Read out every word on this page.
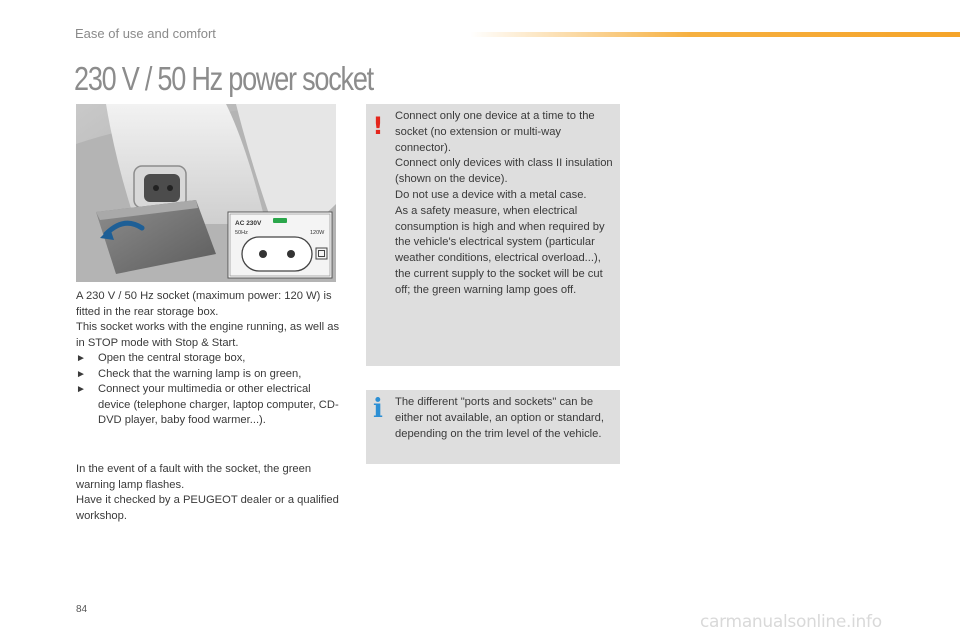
Ease of use and comfort
230 V / 50 Hz power socket
AC 230V
50Hz	120W

A 230 V / 50 Hz socket (maximum power: 120 W) is fitted in the rear storage box.

This socket works with the engine running, as well as in STOP mode with Stop & Start.

► Open the central storage box,
► Check that the warning lamp is on green,
► Connect your multimedia or other electrical device (telephone charger, laptop computer, CD-DVD player, baby food warmer...).

In the event of a fault with the socket, the green warning lamp flashes.

Have it checked by a PEUGEOT dealer or a qualified workshop.

!	Connect only one device at a time to the socket (no extension or multi-way connector).

Connect only devices with class II insulation (shown on the device).

Do not use a device with a metal case.

As a safety measure, when electrical consumption is high and when required by the vehicle's electrical system (particular weather conditions, electrical overload...), the current supply to the socket will be cut off; the green warning lamp goes off.

i	The different "ports and sockets" can be either not available, an option or standard, depending on the trim level of the vehicle.
84
carmanualsonline.info
